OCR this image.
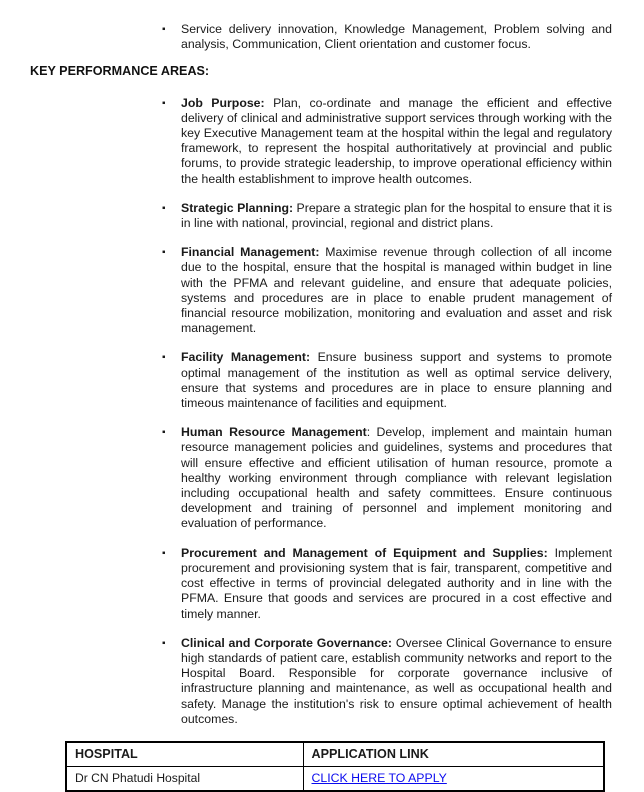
▪ Service delivery innovation, Knowledge Management, Problem solving and analysis, Communication, Client orientation and customer focus.
KEY PERFORMANCE AREAS:
▪ Job Purpose: Plan, co-ordinate and manage the efficient and effective delivery of clinical and administrative support services through working with the key Executive Management team at the hospital within the legal and regulatory framework, to represent the hospital authoritatively at provincial and public forums, to provide strategic leadership, to improve operational efficiency within the health establishment to improve health outcomes.
▪ Strategic Planning: Prepare a strategic plan for the hospital to ensure that it is in line with national, provincial, regional and district plans.
▪ Financial Management: Maximise revenue through collection of all income due to the hospital, ensure that the hospital is managed within budget in line with the PFMA and relevant guideline, and ensure that adequate policies, systems and procedures are in place to enable prudent management of financial resource mobilization, monitoring and evaluation and asset and risk management.
▪ Facility Management: Ensure business support and systems to promote optimal management of the institution as well as optimal service delivery, ensure that systems and procedures are in place to ensure planning and timeous maintenance of facilities and equipment.
▪ Human Resource Management: Develop, implement and maintain human resource management policies and guidelines, systems and procedures that will ensure effective and efficient utilisation of human resource, promote a healthy working environment through compliance with relevant legislation including occupational health and safety committees. Ensure continuous development and training of personnel and implement monitoring and evaluation of performance.
▪ Procurement and Management of Equipment and Supplies: Implement procurement and provisioning system that is fair, transparent, competitive and cost effective in terms of provincial delegated authority and in line with the PFMA. Ensure that goods and services are procured in a cost effective and timely manner.
▪ Clinical and Corporate Governance: Oversee Clinical Governance to ensure high standards of patient care, establish community networks and report to the Hospital Board. Responsible for corporate governance inclusive of infrastructure planning and maintenance, as well as occupational health and safety. Manage the institution's risk to ensure optimal achievement of health outcomes.
HOSPITAL	APPLICATION LINK
Dr CN Phatudi Hospital	CLICK HERE TO APPLY
